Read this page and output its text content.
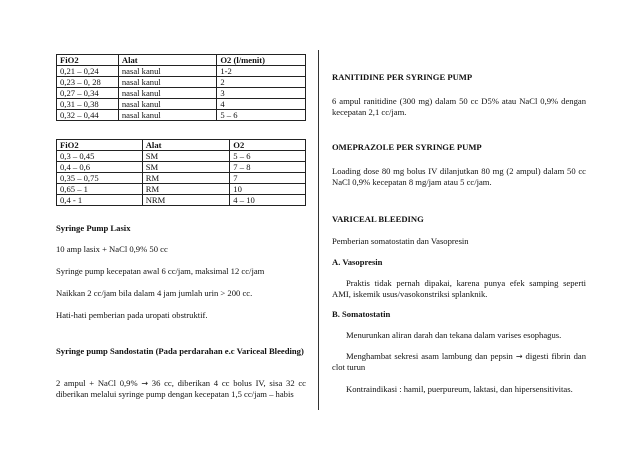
FiO2	Alat	O2 (l/menit)
0,21 – 0,24	nasal kanul	1-2
0,23 – 0, 28	nasal kanul	2
0,27 – 0,34	nasal kanul	3
0,31 – 0,38	nasal kanul	4
0,32 – 0,44	nasal kanul	5 – 6
FiO2	Alat	O2
0,3 – 0,45	SM	5 – 6
0,4 – 0,6	SM	7 – 8
0,35 – 0,75	RM	7
0,65 – 1	RM	10
0,4 - 1	NRM	4 – 10
Syringe Pump Lasix
10 amp lasix + NaCl 0,9% 50 cc
Syringe pump kecepatan awal 6 cc/jam, maksimal 12 cc/jam
Naikkan 2 cc/jam bila dalam 4 jam jumlah urin > 200 cc.
Hati-hati pemberian pada uropati obstruktif.
Syringe pump Sandostatin (Pada perdarahan e.c Variceal Bleeding)
2 ampul + NaCl 0,9% → 36 cc, diberikan 4 cc bolus IV, sisa 32 cc diberikan melalui syringe pump dengan kecepatan 1,5 cc/jam – habis
RANITIDINE PER SYRINGE PUMP
6 ampul ranitidine (300 mg) dalam 50 cc D5% atau NaCl 0,9% dengan kecepatan 2,1 cc/jam.
OMEPRAZOLE PER SYRINGE PUMP
Loading dose 80 mg bolus IV dilanjutkan 80 mg (2 ampul) dalam 50 cc NaCl 0,9% kecepatan 8 mg/jam atau 5 cc/jam.
VARICEAL BLEEDING
Pemberian somatostatin dan Vasopresin
A. Vasopresin
Praktis tidak pernah dipakai, karena punya efek samping seperti AMI, iskemik usus/vasokonstriksi splanknik.
B. Somatostatin
Menurunkan aliran darah dan tekana dalam varises esophagus.
Menghambat sekresi asam lambung dan pepsin → digesti fibrin dan clot turun
Kontraindikasi : hamil, puerpureum, laktasi, dan hipersensitivitas.
